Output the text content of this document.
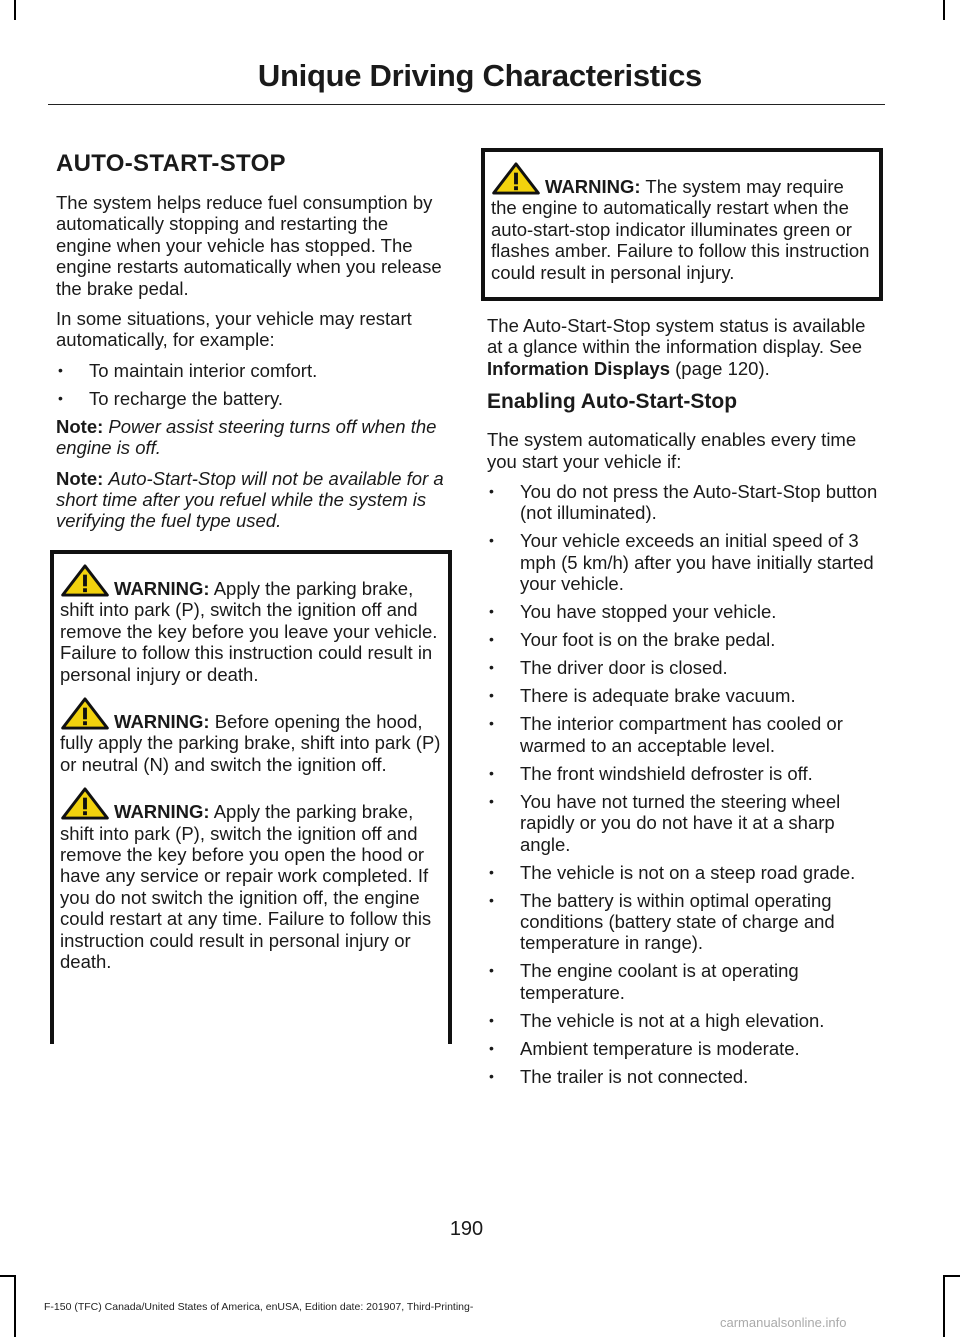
Unique Driving Characteristics
AUTO-START-STOP

The system helps reduce fuel consumption by automatically stopping and restarting the engine when your vehicle has stopped. The engine restarts automatically when you release the brake pedal.

In some situations, your vehicle may restart automatically, for example:

• To maintain interior comfort.
• To recharge the battery.

Note: Power assist steering turns off when the engine is off.

Note: Auto-Start-Stop will not be available for a short time after you refuel while the system is verifying the fuel type used.

WARNING: Apply the parking brake, shift into park (P), switch the ignition off and remove the key before you leave your vehicle. Failure to follow this instruction could result in personal injury or death.

WARNING: Before opening the hood, fully apply the parking brake, shift into park (P) or neutral (N) and switch the ignition off.

WARNING: Apply the parking brake, shift into park (P), switch the ignition off and remove the key before you open the hood or have any service or repair work completed. If you do not switch the ignition off, the engine could restart at any time. Failure to follow this instruction could result in personal injury or death.

WARNING: The system may require the engine to automatically restart when the auto-start-stop indicator illuminates green or flashes amber. Failure to follow this instruction could result in personal injury.

The Auto-Start-Stop system status is available at a glance within the information display. See Information Displays (page 120).

Enabling Auto-Start-Stop

The system automatically enables every time you start your vehicle if:

• You do not press the Auto-Start-Stop button (not illuminated).
• Your vehicle exceeds an initial speed of 3 mph (5 km/h) after you have initially started your vehicle.
• You have stopped your vehicle.
• Your foot is on the brake pedal.
• The driver door is closed.
• There is adequate brake vacuum.
• The interior compartment has cooled or warmed to an acceptable level.
• The front windshield defroster is off.
• You have not turned the steering wheel rapidly or you do not have it at a sharp angle.
• The vehicle is not on a steep road grade.
• The battery is within optimal operating conditions (battery state of charge and temperature in range).
• The engine coolant is at operating temperature.
• The vehicle is not at a high elevation.
• Ambient temperature is moderate.
• The trailer is not connected.
190
F-150 (TFC) Canada/United States of America, enUSA, Edition date: 201907, Third-Printing-
carmanualsonline.info
